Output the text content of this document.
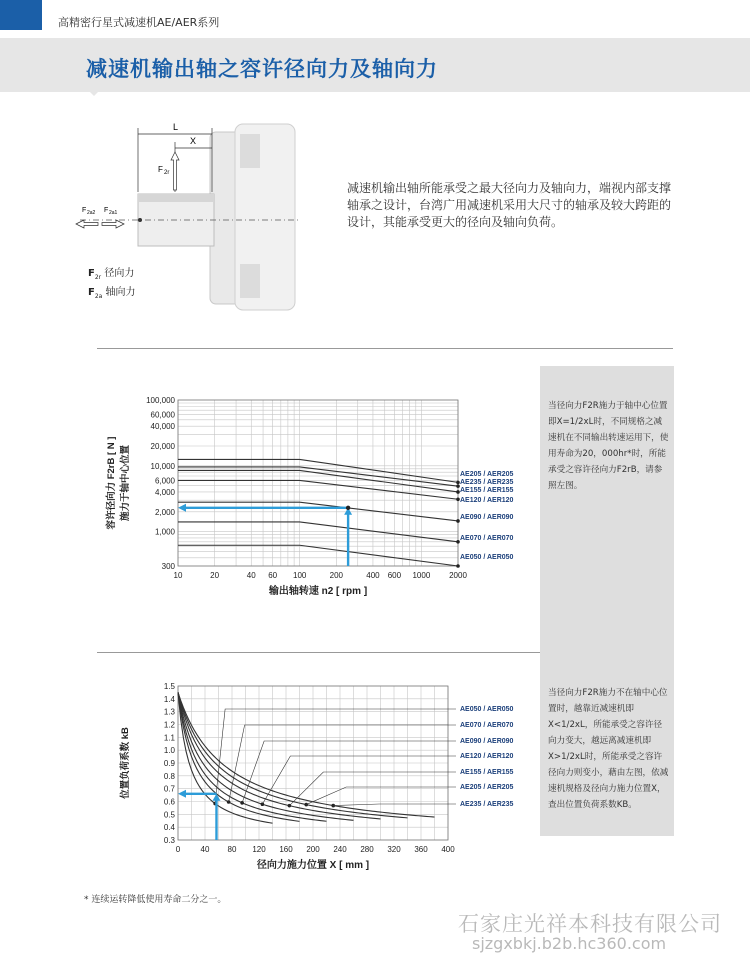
高精密行星式减速机AE/AER系列
减速机输出轴之容许径向力及轴向力
L
X
F 2r
F 2a2 F 2a1
$F_{2r}$ 径向力
$F_{2a}$ 轴向力
减速机输出轴所能承受之最大径向力及轴向力，端视内部支撑轴承之设计，台湾广用减速机采用大尺寸的轴承及较大跨距的设计，其能承受更大的径向及轴向负荷。
当径向力F2R施力于轴中心位置即X=1/2xL时，不同规格之减速机在不同输出转速运用下，使用寿命为20，000hr*时，所能承受之容许径向力F2rB，请参照左图。
当径向力F2R施力不在轴中心位置时，越靠近减速机即X<1/2xL，所能承受之容许径向力变大，越远离减速机即X>1/2xL时，所能承受之容许径向力则变小，藉由左图，依减速机规格及径向力施力位置X，查出位置负荷系数KB。
10	20	40 60 100	200	400 600 1000 2000
300
1,000
2,000
4,000
6,000
10,000
20,000
40,000
60,000
100,000
输出轴转速 n2 [ rpm ]
容许径向力 F2rB [ N ] 施力于轴中心位置	AE205 / AER205
AE235 / AER235
AE155 / AER155
AE120 / AER120
AE090 / AER090
AE070 / AER070
AE050 / AER050
0	40 80 120 160 200 240 280 320 360 400
0.3
0.4
0.5
0.6
0.7
0.8
0.9
1.0
1.1
1.2
1.3
1.4
1.5
径向力施力位置 X [ mm ]
位置负荷系数 kB
AE050 / AER050
AE070 / AER070
AE090 / AER090
AE120 / AER120
AE155 / AER155
AE205 / AER205
AE235 / AER235
* 连续运转降低使用寿命二分之一。
石家庄光祥本科技有限公司
sjzgxbkj.b2b.hc360.com
